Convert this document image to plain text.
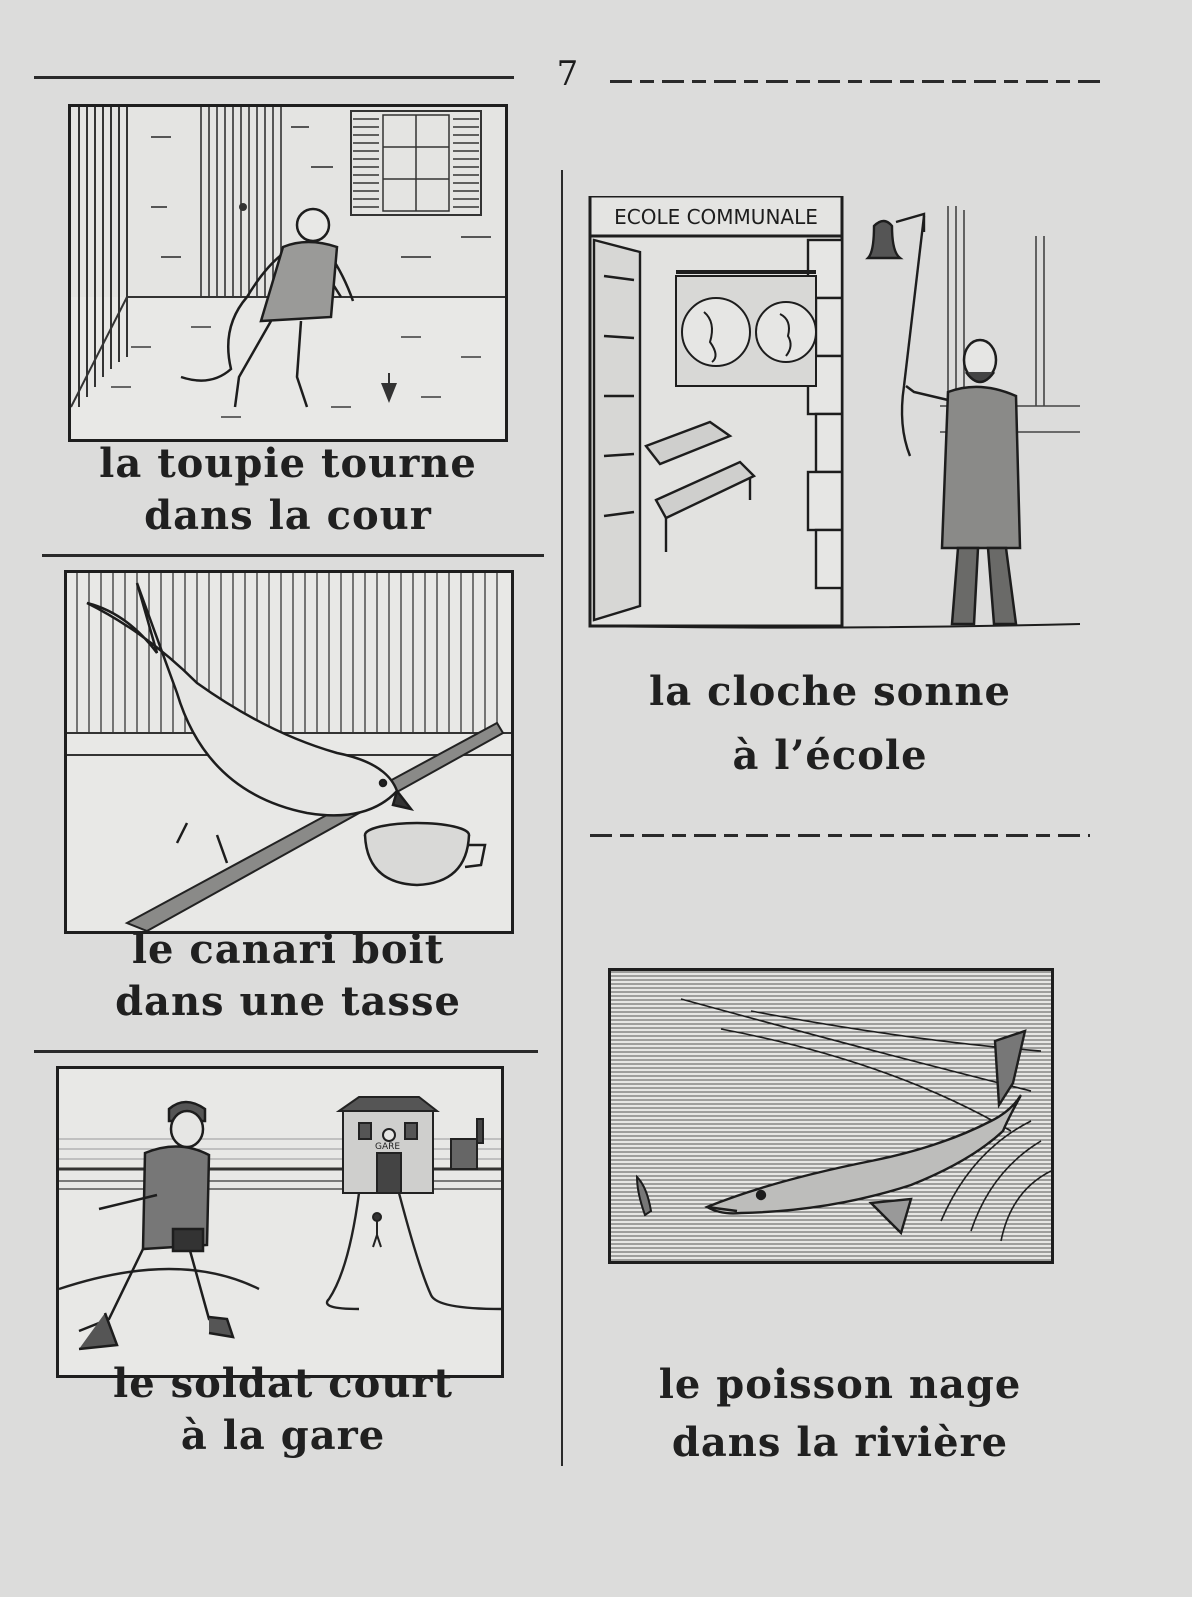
7
la toupie tourne
dans la cour
le canari boit
dans une tasse
GARE
le soldat court
à la gare
ECOLE COMMUNALE
la cloche sonne
à l’école
le poisson nage
dans la rivière
